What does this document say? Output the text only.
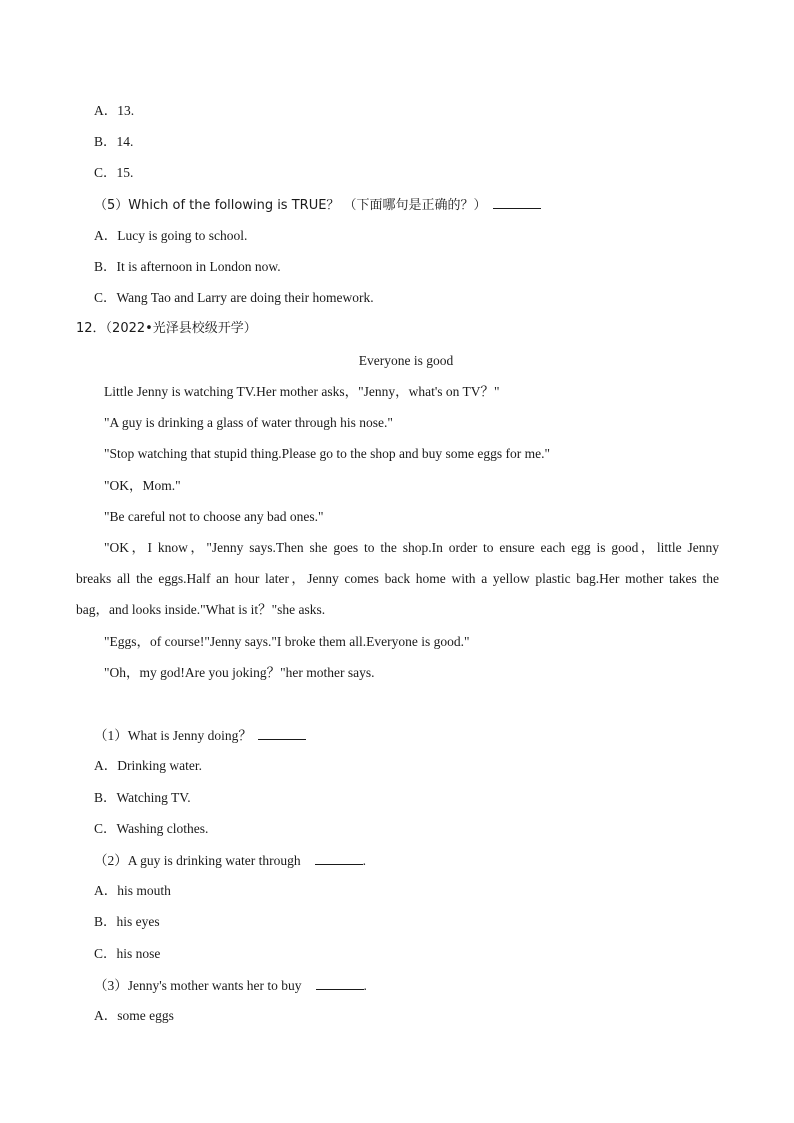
A．13.
B．14.
C．15.
（5）Which of the following is TRUE？ （下面哪句是正确的？）
A．Lucy is going to school.
B．It is afternoon in London now.
C．Wang Tao and Larry are doing their homework.
12．（2022•光泽县校级开学）
Everyone is good
Little Jenny is watching TV.Her mother asks，"Jenny，what's on TV？"
"A guy is drinking a glass of water through his nose."
"Stop watching that stupid thing.Please go to the shop and buy some eggs for me."
"OK，Mom."
"Be careful not to choose any bad ones."
"OK，I know，"Jenny says.Then she goes to the shop.In order to ensure each egg is good，little Jenny
breaks all the eggs.Half an hour later，Jenny comes back home with a yellow plastic bag.Her mother takes the
bag，and looks inside."What is it？"she asks.
"Eggs，of course!"Jenny says."I broke them all.Everyone is good."
"Oh，my god!Are you joking？"her mother says.
（1）What is Jenny doing？
A．Drinking water.
B．Watching TV.
C．Washing clothes.
（2）A guy is drinking water through	.
A．his mouth
B．his eyes
C．his nose
（3）Jenny's mother wants her to buy	.
A．some eggs
